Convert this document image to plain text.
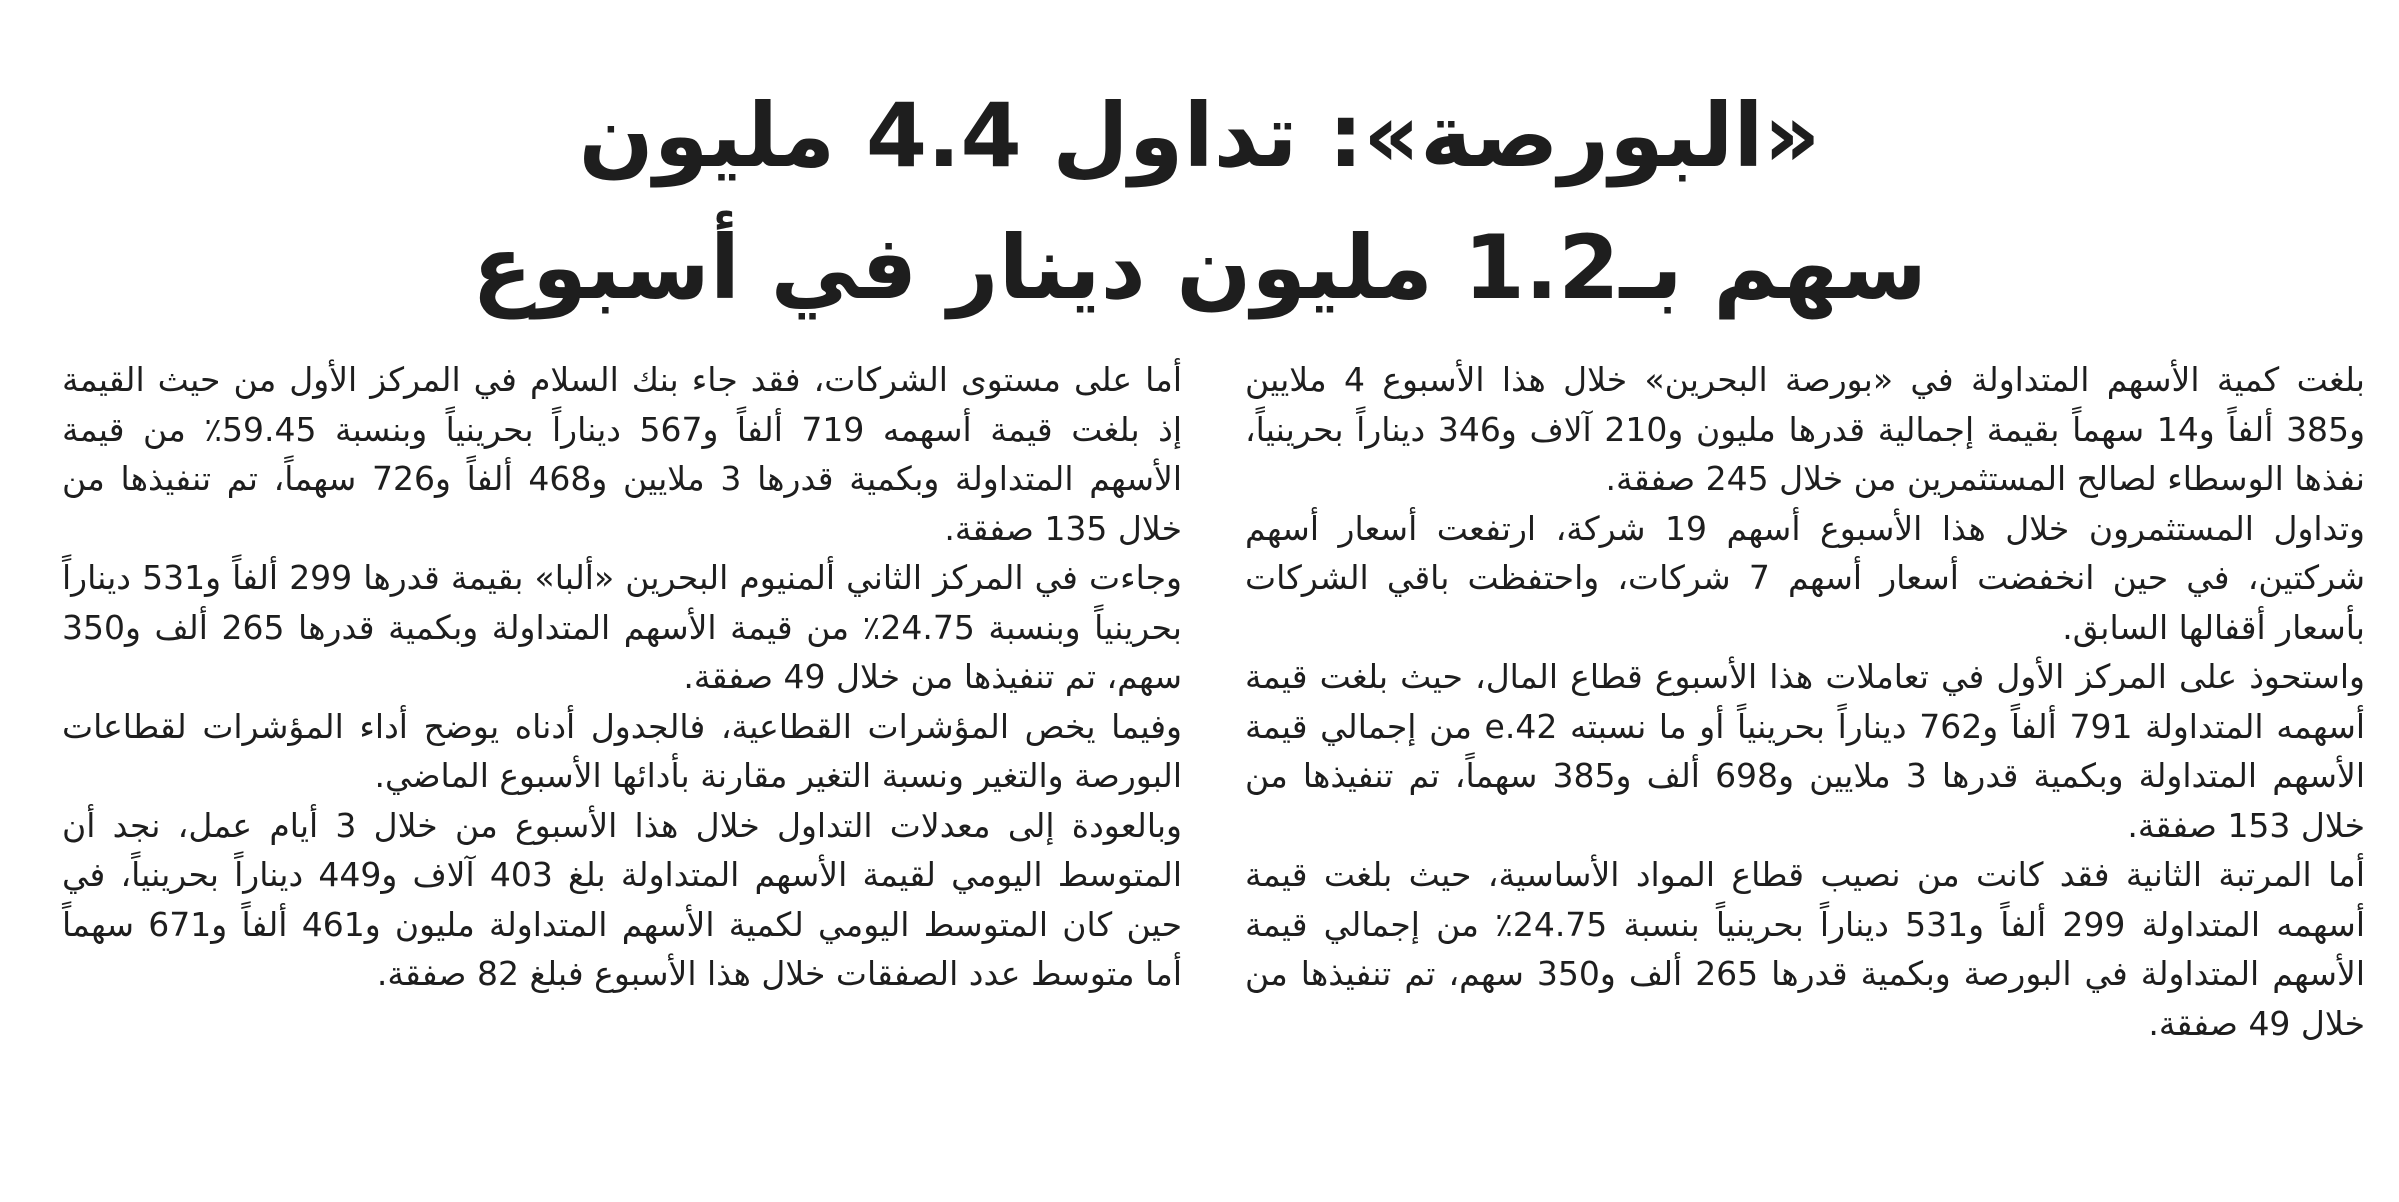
«البورصة»: تداول 4.4 مليون
سهم بـ1.2 مليون دينار في أسبوع

بلغت كمية الأسهم المتداولة في «بورصة البحرين» خلال هذا الأسبوع 4 ملايين و385 ألفاً و14 سهماً بقيمة إجمالية قدرها مليون و210 آلاف و346 ديناراً بحرينياً، نفذها الوسطاء لصالح المستثمرين من خلال 245 صفقة.

وتداول المستثمرون خلال هذا الأسبوع أسهم 19 شركة، ارتفعت أسعار أسهم شركتين، في حين انخفضت أسعار أسهم 7 شركات، واحتفظت باقي الشركات بأسعار أقفالها السابق.

واستحوذ على المركز الأول في تعاملات هذا الأسبوع قطاع المال، حيث بلغت قيمة أسهمه المتداولة 791 ألفاً و762 ديناراً بحرينياً أو ما نسبته 42.e من إجمالي قيمة الأسهم المتداولة وبكمية قدرها 3 ملايين و698 ألف و385 سهماً، تم تنفيذها من خلال 153 صفقة.

أما المرتبة الثانية فقد كانت من نصيب قطاع المواد الأساسية، حيث بلغت قيمة أسهمه المتداولة 299 ألفاً و531 ديناراً بحرينياً بنسبة 24.75٪ من إجمالي قيمة الأسهم المتداولة في البورصة وبكمية قدرها 265 ألف و350 سهم، تم تنفيذها من خلال 49 صفقة.

أما على مستوى الشركات، فقد جاء بنك السلام في المركز الأول من حيث القيمة إذ بلغت قيمة أسهمه 719 ألفاً و567 ديناراً بحرينياً وبنسبة 59.45٪ من قيمة الأسهم المتداولة وبكمية قدرها 3 ملايين و468 ألفاً و726 سهماً، تم تنفيذها من خلال 135 صفقة.

وجاءت في المركز الثاني ألمنيوم البحرين «ألبا» بقيمة قدرها 299 ألفاً و531 ديناراً بحرينياً وبنسبة 24.75٪ من قيمة الأسهم المتداولة وبكمية قدرها 265 ألف و350 سهم، تم تنفيذها من خلال 49 صفقة.

وفيما يخص المؤشرات القطاعية، فالجدول أدناه يوضح أداء المؤشرات لقطاعات البورصة والتغير ونسبة التغير مقارنة بأدائها الأسبوع الماضي.

وبالعودة إلى معدلات التداول خلال هذا الأسبوع من خلال 3 أيام عمل، نجد أن المتوسط اليومي لقيمة الأسهم المتداولة بلغ 403 آلاف و449 ديناراً بحرينياً، في حين كان المتوسط اليومي لكمية الأسهم المتداولة مليون و461 ألفاً و671 سهماً أما متوسط عدد الصفقات خلال هذا الأسبوع فبلغ 82 صفقة.
